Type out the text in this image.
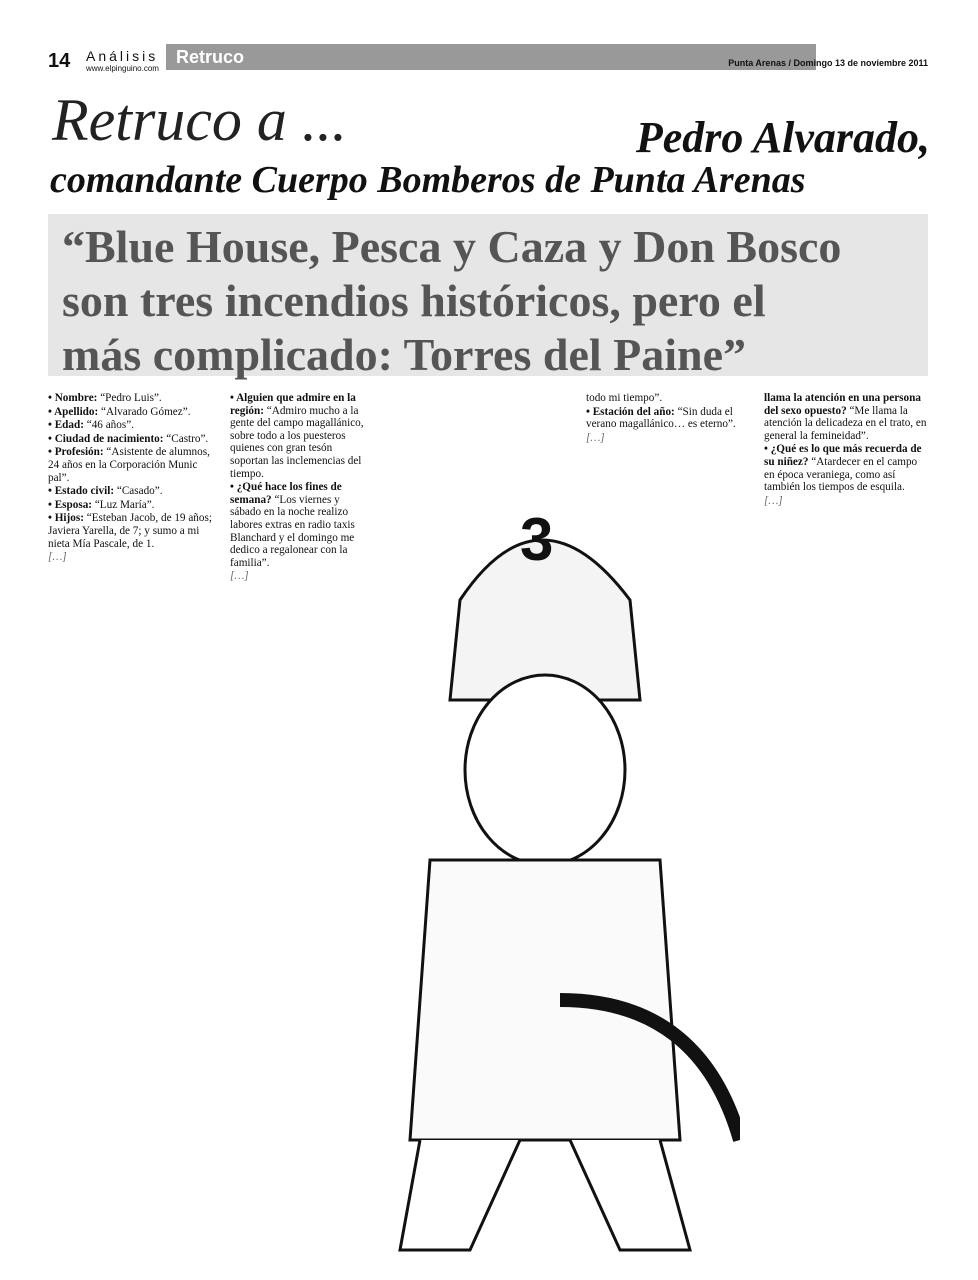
14 Análisis
www.elpinguino.com
Retruco	Punta Arenas / Domingo 13 de noviembre 2011
Retruco a ...	Pedro Alvarado,
comandante Cuerpo Bomberos de Punta Arenas
“Blue House, Pesca y Caza y Don Bosco
son tres incendios históricos, pero el
más complicado: Torres del Paine”

• Nombre: “Pedro Luis”.

• Apellido: “Alvarado Gómez”.

• Edad: “46 años”.

• Ciudad de nacimiento: “Castro”.

• Profesión: “Asistente de alumnos, 24 años en la Corporación Munic pal”.

• Estado civil: “Casado”.

• Esposa: “Luz María”.

• Hijos: “Esteban Jacob, de 19 años; Javiera Yarella, de 7; y sumo a mi nieta Mía Pascale, de 1.

[…]

• Alguien que admire en la región: “Admiro mucho a la gente del campo magallánico, sobre todo a los puesteros quienes con gran tesón soportan las inclemencias del tiempo.

• ¿Qué hace los fines de semana? “Los viernes y sábado en la noche realizo labores extras en radio taxis Blanchard y el domingo me dedico a regalonear con la familia”.

[…]

todo mi tiempo”.

• Estación del año: “Sin duda el verano magallánico… es eterno”.

[…]

llama la atención en una persona del sexo opuesto? “Me llama la atención la delicadeza en el trato, en general la femineidad”.

• ¿Qué es lo que más recuerda de su niñez? “Atardecer en el campo en época veraniega, como así también los tiempos de esquila.

[…]

3
